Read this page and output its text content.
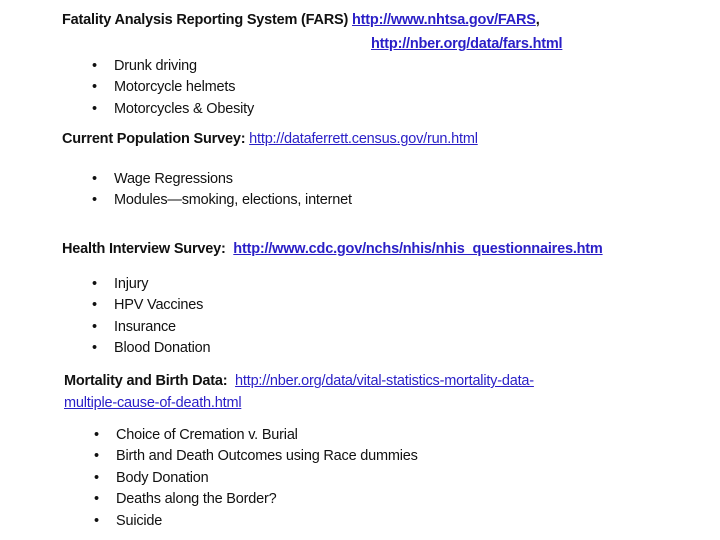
Fatality Analysis Reporting System (FARS) http://www.nhtsa.gov/FARS,
http://nber.org/data/fars.html
• Drunk driving
• Motorcycle helmets
• Motorcycles & Obesity
Current Population Survey: http://dataferrett.census.gov/run.html
• Wage Regressions
• Modules—smoking, elections, internet
Health Interview Survey: http://www.cdc.gov/nchs/nhis/nhis_questionnaires.htm
• Injury
• HPV Vaccines
• Insurance
• Blood Donation
Mortality and Birth Data: http://nber.org/data/vital-statistics-mortality-data-
multiple-cause-of-death.html
• Choice of Cremation v. Burial
• Birth and Death Outcomes using Race dummies
• Body Donation
• Deaths along the Border?
• Suicide
